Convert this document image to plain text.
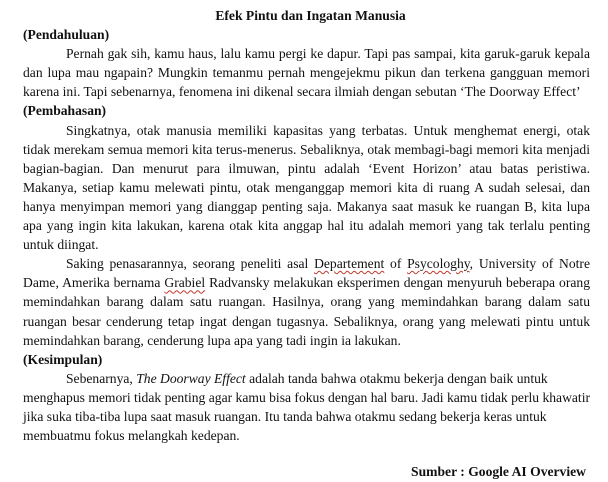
Efek Pintu dan Ingatan Manusia

(Pendahuluan)

Pernah gak sih, kamu haus, lalu kamu pergi ke dapur. Tapi pas sampai, kita garuk-garuk kepala dan lupa mau ngapain? Mungkin temanmu pernah mengejekmu pikun dan terkena gangguan memori karena ini. Tapi sebenarnya, fenomena ini dikenal secara ilmiah dengan sebutan ‘The Doorway Effect’

(Pembahasan)

Singkatnya, otak manusia memiliki kapasitas yang terbatas. Untuk menghemat energi, otak tidak merekam semua memori kita terus-menerus. Sebaliknya, otak membagi-bagi memori kita menjadi bagian-bagian. Dan menurut para ilmuwan, pintu adalah ‘Event Horizon’ atau batas peristiwa. Makanya, setiap kamu melewati pintu, otak menganggap memori kita di ruang A sudah selesai, dan hanya menyimpan memori yang dianggap penting saja. Makanya saat masuk ke ruangan B, kita lupa apa yang ingin kita lakukan, karena otak kita anggap hal itu adalah memori yang tak terlalu penting untuk diingat.

Saking penasarannya, seorang peneliti asal Departement of Psycologhy, University of Notre Dame, Amerika bernama Grabiel Radvansky melakukan eksperimen dengan menyuruh beberapa orang memindahkan barang dalam satu ruangan. Hasilnya, orang yang memindahkan barang dalam satu ruangan besar cenderung tetap ingat dengan tugasnya. Sebaliknya, orang yang melewati pintu untuk memindahkan barang, cenderung lupa apa yang tadi ingin ia lakukan.

(Kesimpulan)

Sebenarnya, The Doorway Effect adalah tanda bahwa otakmu bekerja dengan baik untuk menghapus memori tidak penting agar kamu bisa fokus dengan hal baru. Jadi kamu tidak perlu khawatir jika suka tiba-tiba lupa saat masuk ruangan. Itu tanda bahwa otakmu sedang bekerja keras untuk membuatmu fokus melangkah kedepan.

Sumber : Google AI Overview
